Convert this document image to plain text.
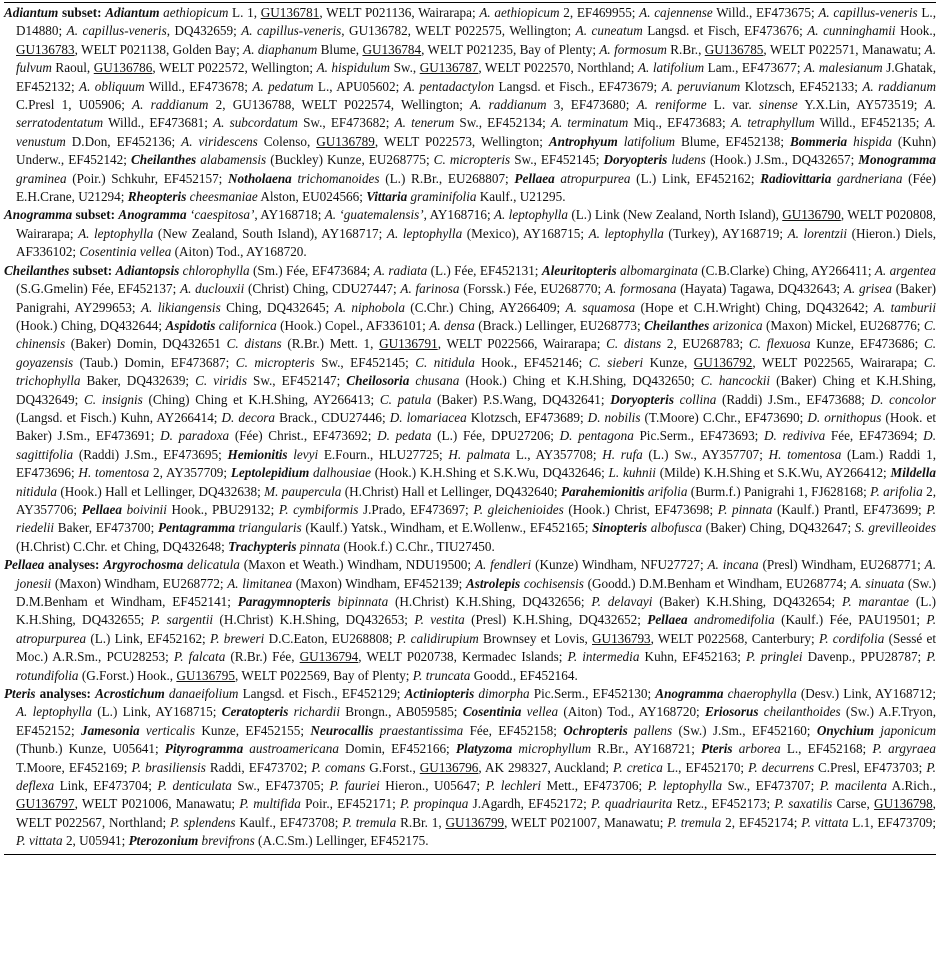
Adiantum subset: Adiantum aethiopicum L. 1, GU136781, WELT P021136, Wairarapa; A. aethiopicum 2, EF469955; A. cajennense Willd., EF473675; A. capillus-veneris L., D14880; A. capillus-veneris, DQ432659; A. capillus-veneris, GU136782, WELT P022575, Wellington; A. cuneatum Langsd. et Fisch, EF473676; A. cunninghamii Hook., GU136783, WELT P021138, Golden Bay; A. diaphanum Blume, GU136784, WELT P021235, Bay of Plenty; A. formosum R.Br., GU136785, WELT P022571, Manawatu; A. fulvum Raoul, GU136786, WELT P022572, Wellington; A. hispidulum Sw., GU136787, WELT P022570, Northland; A. latifolium Lam., EF473677; A. malesianum J.Ghatak, EF452132; A. obliquum Willd., EF473678; A. pedatum L., APU05602; A. pentadactylon Langsd. et Fisch., EF473679; A. peruvianum Klotzsch, EF452133; A. raddianum C.Presl 1, U05906; A. raddianum 2, GU136788, WELT P022574, Wellington; A. raddianum 3, EF473680; A. reniforme L. var. sinense Y.X.Lin, AY573519; A. serratodentatum Willd., EF473681; A. subcordatum Sw., EF473682; A. tenerum Sw., EF452134; A. terminatum Miq., EF473683; A. tetraphyllum Willd., EF452135; A. venustum D.Don, EF452136; A. viridescens Colenso, GU136789, WELT P022573, Wellington; Antrophyum latifolium Blume, EF452138; Bommeria hispida (Kuhn) Underw., EF452142; Cheilanthes alabamensis (Buckley) Kunze, EU268775; C. micropteris Sw., EF452145; Doryopteris ludens (Hook.) J.Sm., DQ432657; Monogramma graminea (Poir.) Schkuhr, EF452157; Notholaena trichomanoides (L.) R.Br., EU268807; Pellaea atropurpurea (L.) Link, EF452162; Radiovittaria gardneriana (Fée) E.H.Crane, U21294; Rheopteris cheesmaniae Alston, EU024566; Vittaria graminifolia Kaulf., U21295.

Anogramma subset: Anogramma ‘caespitosa’, AY168718; A. ‘guatemalensis’, AY168716; A. leptophylla (L.) Link (New Zealand, North Island), GU136790, WELT P020808, Wairarapa; A. leptophylla (New Zealand, South Island), AY168717; A. leptophylla (Mexico), AY168715; A. leptophylla (Turkey), AY168719; A. lorentzii (Hieron.) Diels, AF336102; Cosentinia vellea (Aiton) Tod., AY168720.

Cheilanthes subset: Adiantopsis chlorophylla (Sm.) Fée, EF473684; A. radiata (L.) Fée, EF452131; Aleuritopteris albomarginata (C.B.Clarke) Ching, AY266411; A. argentea (S.G.Gmelin) Fée, EF452137; A. duclouxii (Christ) Ching, CDU27447; A. farinosa (Forssk.) Fée, EU268770; A. formosana (Hayata) Tagawa, DQ432643; A. grisea (Baker) Panigrahi, AY299653; A. likiangensis Ching, DQ432645; A. niphobola (C.Chr.) Ching, AY266409; A. squamosa (Hope et C.H.Wright) Ching, DQ432642; A. tamburii (Hook.) Ching, DQ432644; Aspidotis californica (Hook.) Copel., AF336101; A. densa (Brack.) Lellinger, EU268773; Cheilanthes arizonica (Maxon) Mickel, EU268776; C. chinensis (Baker) Domin, DQ432651 C. distans (R.Br.) Mett. 1, GU136791, WELT P022566, Wairarapa; C. distans 2, EU268783; C. flexuosa Kunze, EF473686; C. goyazensis (Taub.) Domin, EF473687; C. micropteris Sw., EF452145; C. nitidula Hook., EF452146; C. sieberi Kunze, GU136792, WELT P022565, Wairarapa; C. trichophylla Baker, DQ432639; C. viridis Sw., EF452147; Cheilosoria chusana (Hook.) Ching et K.H.Shing, DQ432650; C. hancockii (Baker) Ching et K.H.Shing, DQ432649; C. insignis (Ching) Ching et K.H.Shing, AY266413; C. patula (Baker) P.S.Wang, DQ432641; Doryopteris collina (Raddi) J.Sm., EF473688; D. concolor (Langsd. et Fisch.) Kuhn, AY266414; D. decora Brack., CDU27446; D. lomariacea Klotzsch, EF473689; D. nobilis (T.Moore) C.Chr., EF473690; D. ornithopus (Hook. et Baker) J.Sm., EF473691; D. paradoxa (Fée) Christ., EF473692; D. pedata (L.) Fée, DPU27206; D. pentagona Pic.Serm., EF473693; D. rediviva Fée, EF473694; D. sagittifolia (Raddi) J.Sm., EF473695; Hemionitis levyi E.Fourn., HLU27725; H. palmata L., AY357708; H. rufa (L.) Sw., AY357707; H. tomentosa (Lam.) Raddi 1, EF473696; H. tomentosa 2, AY357709; Leptolepidium dalhousiae (Hook.) K.H.Shing et S.K.Wu, DQ432646; L. kuhnii (Milde) K.H.Shing et S.K.Wu, AY266412; Mildella nitidula (Hook.) Hall et Lellinger, DQ432638; M. paupercula (H.Christ) Hall et Lellinger, DQ432640; Parahemionitis arifolia (Burm.f.) Panigrahi 1, FJ628168; P. arifolia 2, AY357706; Pellaea boivinii Hook., PBU29132; P. cymbiformis J.Prado, EF473697; P. gleichenioides (Hook.) Christ, EF473698; P. pinnata (Kaulf.) Prantl, EF473699; P. riedelii Baker, EF473700; Pentagramma triangularis (Kaulf.) Yatsk., Windham, et E.Wollenw., EF452165; Sinopteris albofusca (Baker) Ching, DQ432647; S. grevilleoides (H.Christ) C.Chr. et Ching, DQ432648; Trachypteris pinnata (Hook.f.) C.Chr., TIU27450.

Pellaea analyses: Argyrochosma delicatula (Maxon et Weath.) Windham, NDU19500; A. fendleri (Kunze) Windham, NFU27727; A. incana (Presl) Windham, EU268771; A. jonesii (Maxon) Windham, EU268772; A. limitanea (Maxon) Windham, EF452139; Astrolepis cochisensis (Goodd.) D.M.Benham et Windham, EU268774; A. sinuata (Sw.) D.M.Benham et Windham, EF452141; Paragymnopteris bipinnata (H.Christ) K.H.Shing, DQ432656; P. delavayi (Baker) K.H.Shing, DQ432654; P. marantae (L.) K.H.Shing, DQ432655; P. sargentii (H.Christ) K.H.Shing, DQ432653; P. vestita (Presl) K.H.Shing, DQ432652; Pellaea andromedifolia (Kaulf.) Fée, PAU19501; P. atropurpurea (L.) Link, EF452162; P. breweri D.C.Eaton, EU268808; P. calidirupium Brownsey et Lovis, GU136793, WELT P022568, Canterbury; P. cordifolia (Sessé et Moc.) A.R.Sm., PCU28253; P. falcata (R.Br.) Fée, GU136794, WELT P020738, Kermadec Islands; P. intermedia Kuhn, EF452163; P. pringlei Davenp., PPU28787; P. rotundifolia (G.Forst.) Hook., GU136795, WELT P022569, Bay of Plenty; P. truncata Goodd., EF452164.

Pteris analyses: Acrostichum danaeifolium Langsd. et Fisch., EF452129; Actiniopteris dimorpha Pic.Serm., EF452130; Anogramma chaerophylla (Desv.) Link, AY168712; A. leptophylla (L.) Link, AY168715; Ceratopteris richardii Brongn., AB059585; Cosentinia vellea (Aiton) Tod., AY168720; Eriosorus cheilanthoides (Sw.) A.F.Tryon, EF452152; Jamesonia verticalis Kunze, EF452155; Neurocallis praestantissima Fée, EF452158; Ochropteris pallens (Sw.) J.Sm., EF452160; Onychium japonicum (Thunb.) Kunze, U05641; Pityrogramma austroamericana Domin, EF452166; Platyzoma microphyllum R.Br., AY168721; Pteris arborea L., EF452168; P. argyraea T.Moore, EF452169; P. brasiliensis Raddi, EF473702; P. comans G.Forst., GU136796, AK 298327, Auckland; P. cretica L., EF452170; P. decurrens C.Presl, EF473703; P. deflexa Link, EF473704; P. denticulata Sw., EF473705; P. fauriei Hieron., U05647; P. lechleri Mett., EF473706; P. leptophylla Sw., EF473707; P. macilenta A.Rich., GU136797, WELT P021006, Manawatu; P. multifida Poir., EF452171; P. propinqua J.Agardh, EF452172; P. quadriaurita Retz., EF452173; P. saxatilis Carse, GU136798, WELT P022567, Northland; P. splendens Kaulf., EF473708; P. tremula R.Br. 1, GU136799, WELT P021007, Manawatu; P. tremula 2, EF452174; P. vittata L.1, EF473709; P. vittata 2, U05941; Pterozonium brevifrons (A.C.Sm.) Lellinger, EF452175.
